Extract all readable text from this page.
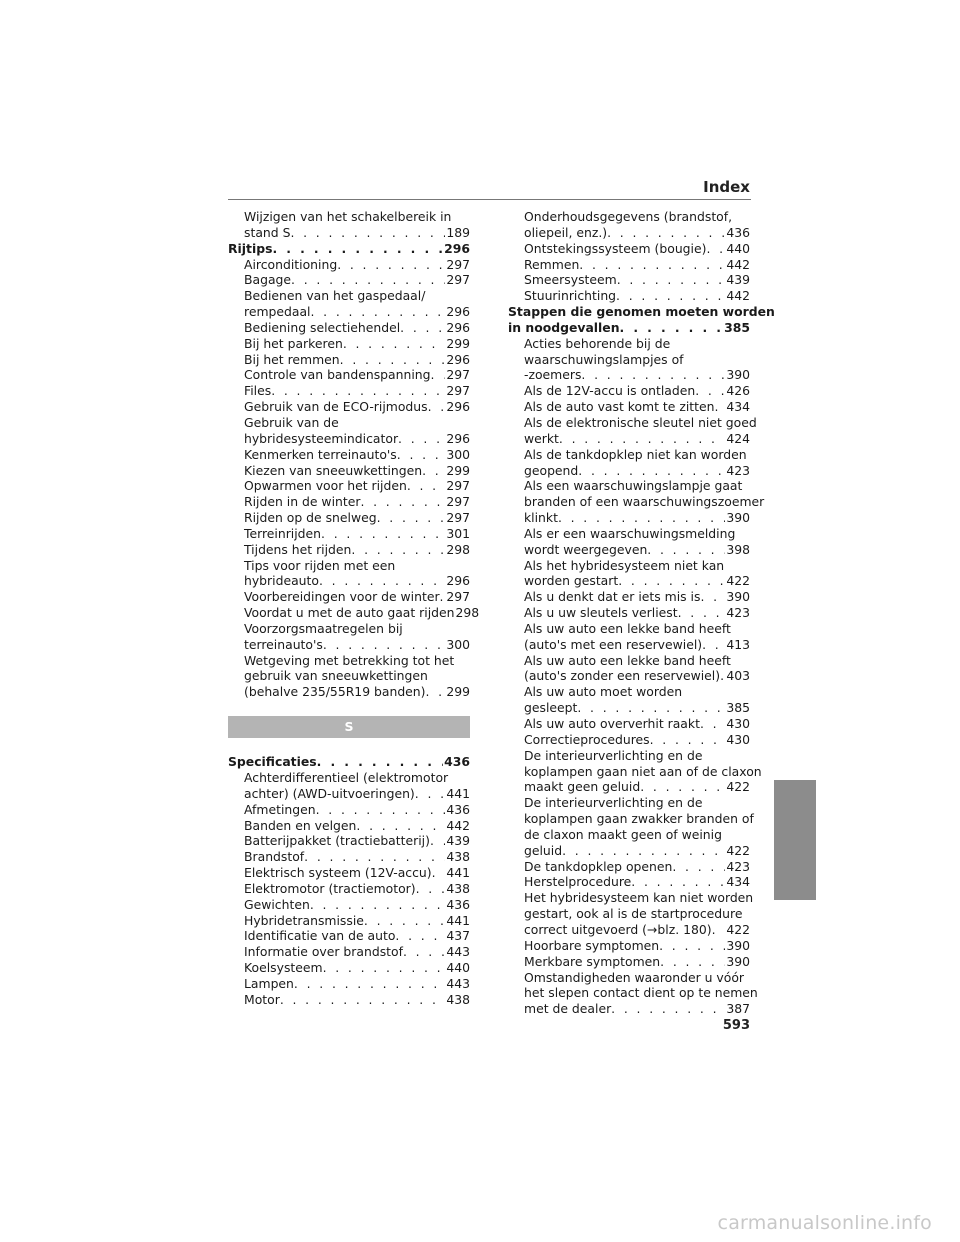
Index
Wijzigen van het schakelbereik in
stand S . . .	189
Rijtips . . .	296
Airconditioning . . .	297
Bagage . . .	297
Bedienen van het gaspedaal/
rempedaal . . .	296
Bediening selectiehendel . . .	296
Bij het parkeren . . .	299
Bij het remmen . . .	296
Controle van bandenspanning . . . 297
Files . . .	297
Gebruik van de ECO-rijmodus . . . 296
Gebruik van de
hybridesysteemindicator . . .	296
Kenmerken terreinauto's . . .	300
Kiezen van sneeuwkettingen . . . 299
Opwarmen voor het rijden . . .	297
Rijden in de winter . . .	297
Rijden op de snelweg . . .	297
Terreinrijden . . .	301
Tijdens het rijden . . .	298
Tips voor rijden met een
hybrideauto . . .	296
Voorbereidingen voor de winter . . . 297
Voordat u met de auto gaat rijden 298
Voorzorgsmaatregelen bij
terreinauto's . . .	300
Wetgeving met betrekking tot het
gebruik van sneeuwkettingen
(behalve 235/55R19 banden) . . . 299
S
Specificaties . . .	436
Achterdifferentieel (elektromotor
achter) (AWD-uitvoeringen) . . .	441
Afmetingen . . .	436
Banden en velgen . . .	442
Batterijpakket (tractiebatterij) . . . 439
Brandstof . . .	438
Elektrisch systeem (12V-accu) . . . 441
Elektromotor (tractiemotor) . . . 438
Gewichten . . .	436
Hybridetransmissie . . .	441
Identificatie van de auto . . .	437
Informatie over brandstof . . .	443
Koelsysteem . . .	440
Lampen . . .	443
Motor . . .	438
Onderhoudsgegevens (brandstof,
oliepeil, enz.) . . .	436
Ontstekingssysteem (bougie) . . . 440
Remmen . . .	442
Smeersysteem . . .	439
Stuurinrichting . . .	442
Stappen die genomen moeten worden
in noodgevallen . . .	385
Acties behorende bij de
waarschuwingslampjes of
-zoemers . . .	390
Als de 12V-accu is ontladen . . .	426
Als de auto vast komt te zitten . . . 434
Als de elektronische sleutel niet goed
werkt . . .	424
Als de tankdopklep niet kan worden
geopend . . .	423
Als een waarschuwingslampje gaat
branden of een waarschuwingszoemer
klinkt . . .	390
Als er een waarschuwingsmelding
wordt weergegeven . . .	398
Als het hybridesysteem niet kan
worden gestart . . .	422
Als u denkt dat er iets mis is . . . 390
Als u uw sleutels verliest . . .	423
Als uw auto een lekke band heeft
(auto's met een reservewiel) . . . 413
Als uw auto een lekke band heeft
(auto's zonder een reservewiel) . . . 403
Als uw auto moet worden
gesleept . . .	385
Als uw auto oververhit raakt . . . 430
Correctieprocedures . . .	430
De interieurverlichting en de
koplampen gaan niet aan of de claxon
maakt geen geluid . . .	422
De interieurverlichting en de
koplampen gaan zwakker branden of
de claxon maakt geen of weinig
geluid . . .	422
De tankdopklep openen . . .	423
Herstelprocedure . . .	434
Het hybridesysteem kan niet worden
gestart, ook al is de startprocedure
correct uitgevoerd (→blz. 180) . . . 422
Hoorbare symptomen . . .	390
Merkbare symptomen . . .	390
Omstandigheden waaronder u vóór
het slepen contact dient op te nemen
met de dealer . . .	387
593
carmanualsonline.info
